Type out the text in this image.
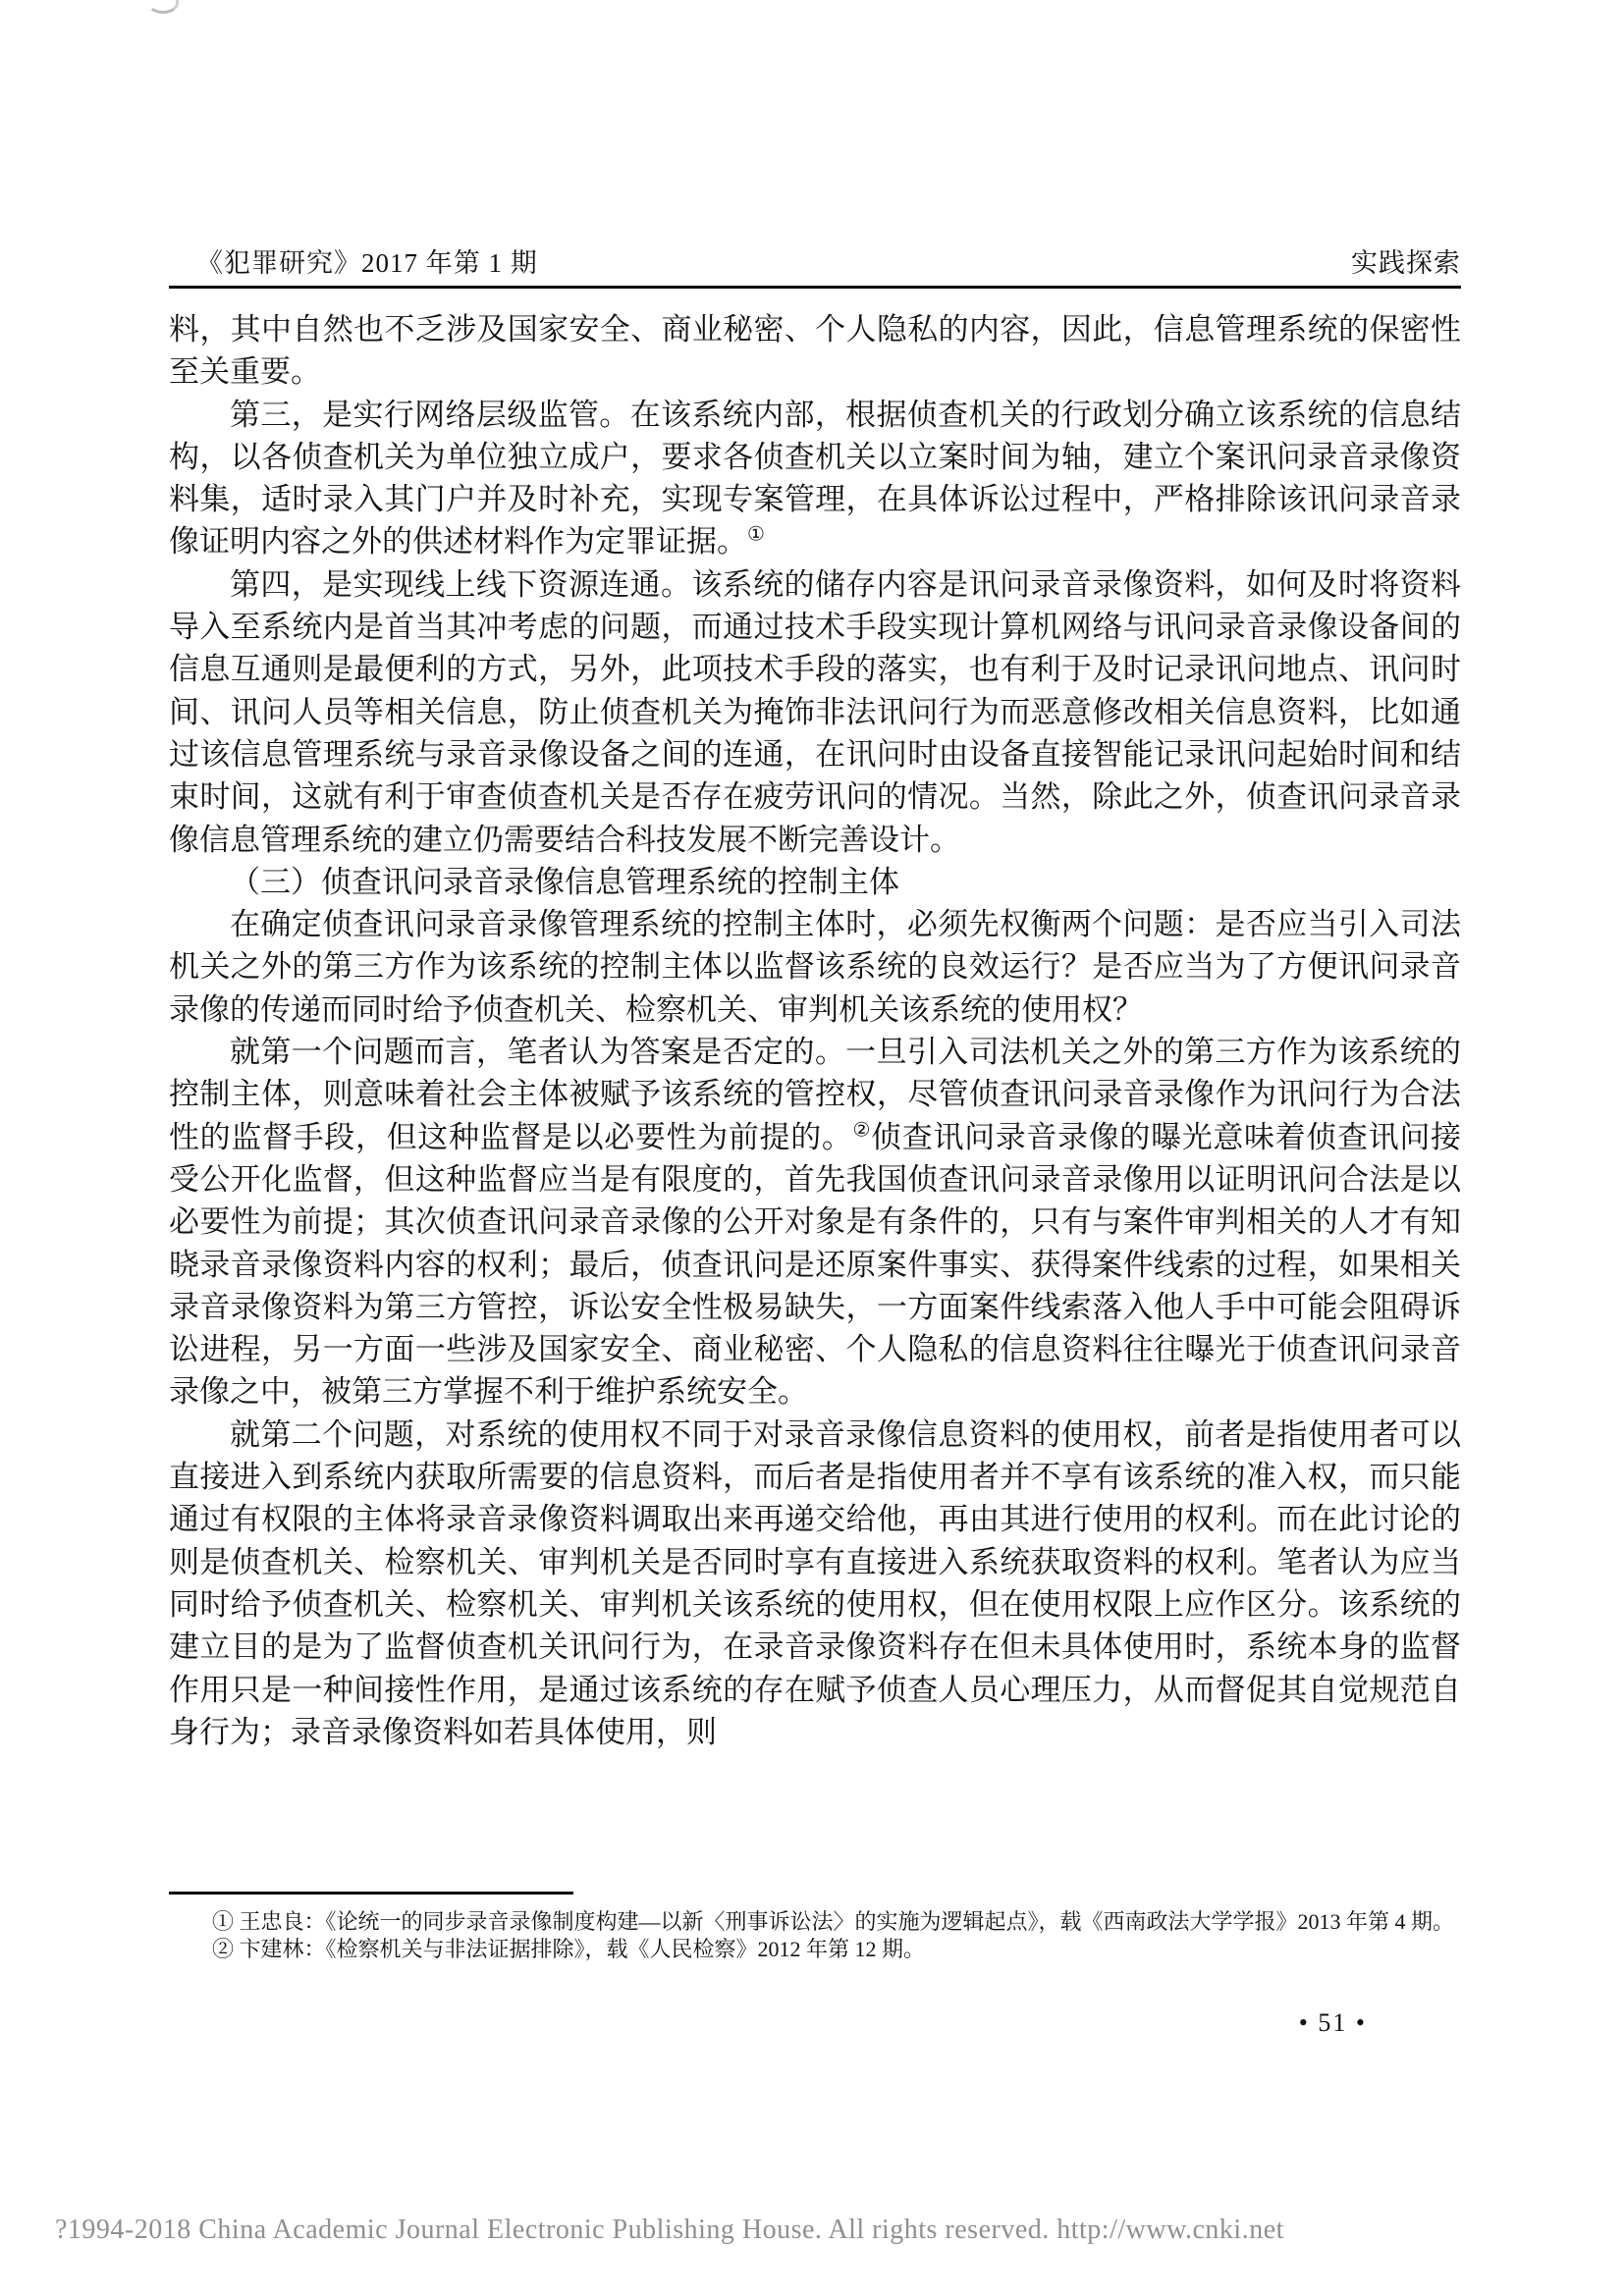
《犯罪研究》2017 年第 1 期	实践探索

料，其中自然也不乏涉及国家安全、商业秘密、个人隐私的内容，因此，信息管理系统的保密性至关重要。

第三，是实行网络层级监管。在该系统内部，根据侦查机关的行政划分确立该系统的信息结构，以各侦查机关为单位独立成户，要求各侦查机关以立案时间为轴，建立个案讯问录音录像资料集，适时录入其门户并及时补充，实现专案管理，在具体诉讼过程中，严格排除该讯问录音录像证明内容之外的供述材料作为定罪证据。①

第四，是实现线上线下资源连通。该系统的储存内容是讯问录音录像资料，如何及时将资料导入至系统内是首当其冲考虑的问题，而通过技术手段实现计算机网络与讯问录音录像设备间的信息互通则是最便利的方式，另外，此项技术手段的落实，也有利于及时记录讯问地点、讯问时间、讯问人员等相关信息，防止侦查机关为掩饰非法讯问行为而恶意修改相关信息资料，比如通过该信息管理系统与录音录像设备之间的连通，在讯问时由设备直接智能记录讯问起始时间和结束时间，这就有利于审查侦查机关是否存在疲劳讯问的情况。当然，除此之外，侦查讯问录音录像信息管理系统的建立仍需要结合科技发展不断完善设计。

（三）侦查讯问录音录像信息管理系统的控制主体

在确定侦查讯问录音录像管理系统的控制主体时，必须先权衡两个问题：是否应当引入司法机关之外的第三方作为该系统的控制主体以监督该系统的良效运行？是否应当为了方便讯问录音录像的传递而同时给予侦查机关、检察机关、审判机关该系统的使用权？

就第一个问题而言，笔者认为答案是否定的。一旦引入司法机关之外的第三方作为该系统的控制主体，则意味着社会主体被赋予该系统的管控权，尽管侦查讯问录音录像作为讯问行为合法性的监督手段，但这种监督是以必要性为前提的。②侦查讯问录音录像的曝光意味着侦查讯问接受公开化监督，但这种监督应当是有限度的，首先我国侦查讯问录音录像用以证明讯问合法是以必要性为前提；其次侦查讯问录音录像的公开对象是有条件的，只有与案件审判相关的人才有知晓录音录像资料内容的权利；最后，侦查讯问是还原案件事实、获得案件线索的过程，如果相关录音录像资料为第三方管控，诉讼安全性极易缺失，一方面案件线索落入他人手中可能会阻碍诉讼进程，另一方面一些涉及国家安全、商业秘密、个人隐私的信息资料往往曝光于侦查讯问录音录像之中，被第三方掌握不利于维护系统安全。

就第二个问题，对系统的使用权不同于对录音录像信息资料的使用权，前者是指使用者可以直接进入到系统内获取所需要的信息资料，而后者是指使用者并不享有该系统的准入权，而只能通过有权限的主体将录音录像资料调取出来再递交给他，再由其进行使用的权利。而在此讨论的则是侦查机关、检察机关、审判机关是否同时享有直接进入系统获取资料的权利。笔者认为应当同时给予侦查机关、检察机关、审判机关该系统的使用权，但在使用权限上应作区分。该系统的建立目的是为了监督侦查机关讯问行为，在录音录像资料存在但未具体使用时，系统本身的监督作用只是一种间接性作用，是通过该系统的存在赋予侦查人员心理压力，从而督促其自觉规范自身行为；录音录像资料如若具体使用，则

① 王忠良：《论统一的同步录音录像制度构建—以新〈刑事诉讼法〉的实施为逻辑起点》，载《西南政法大学学报》2013 年第 4 期。

② 卞建林：《检察机关与非法证据排除》，载《人民检察》2012 年第 12 期。

• 51 •
?1994-2018 China Academic Journal Electronic Publishing House. All rights reserved. http://www.cnki.net
